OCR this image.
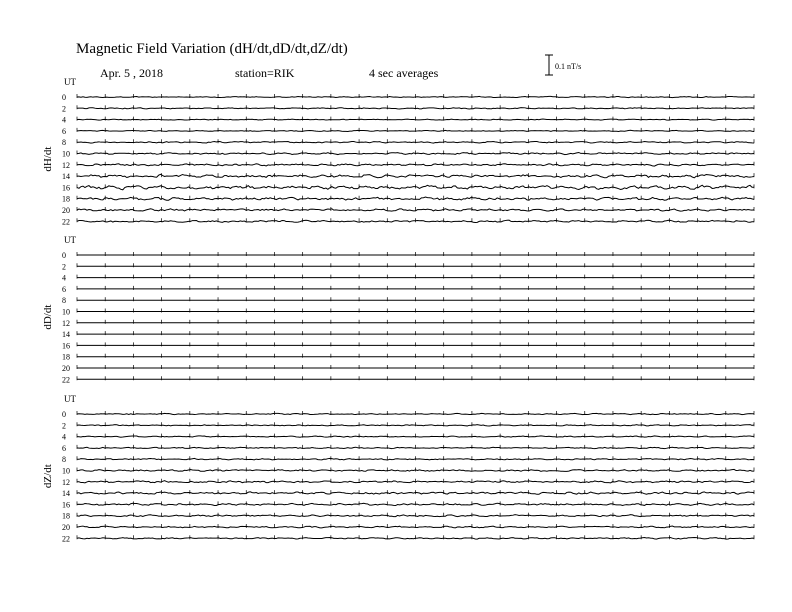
Magnetic Field Variation (dH/dt,dD/dt,dZ/dt)
Apr. 5 , 2018	station=RIK	4 sec averages	0.1 nT/s
UT
dH/dt
0
2
4
6
8
10
12
14
16
18
20
22
UT
dD/dt
0
2
4
6
8
10
12
14
16
18
20
22
UT
dZ/dt
0
2
4
6
8
10
12
14
16
18
20
22
